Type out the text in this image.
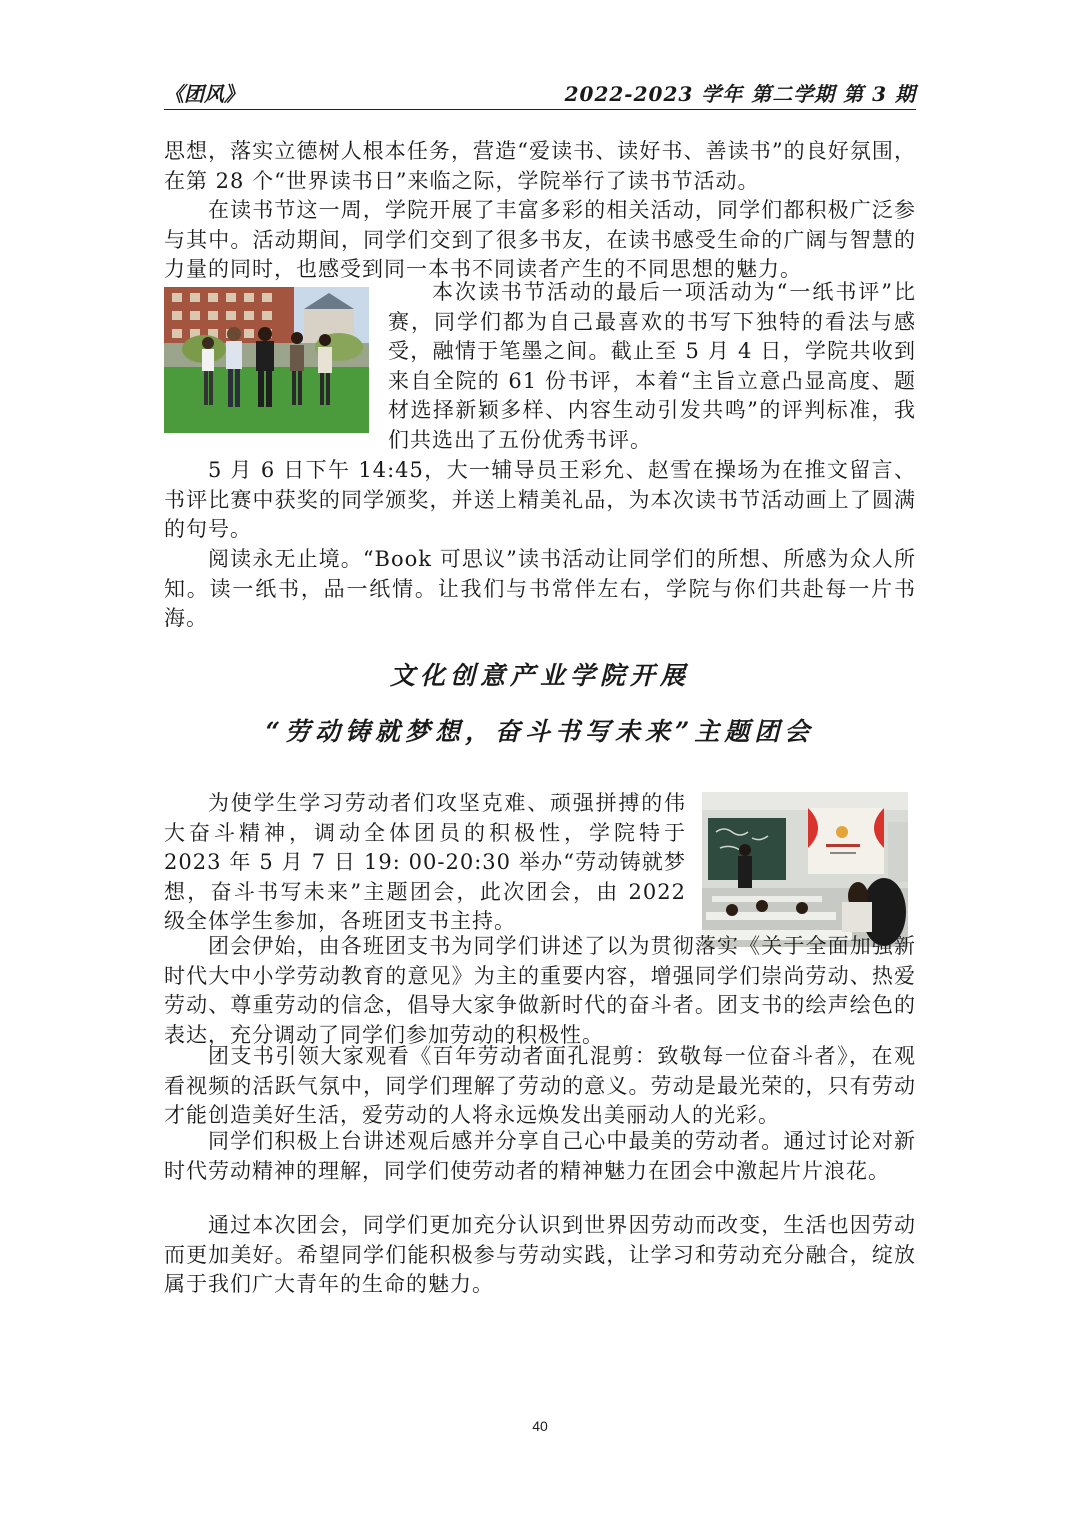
《团风》	2022-2023 学年 第二学期 第 3 期
思想，落实立德树人根本任务，营造“爱读书、读好书、善读书”的良好氛围，在第 28 个“世界读书日”来临之际，学院举行了读书节活动。
在读书节这一周，学院开展了丰富多彩的相关活动，同学们都积极广泛参与其中。活动期间，同学们交到了很多书友，在读书感受生命的广阔与智慧的力量的同时，也感受到同一本书不同读者产生的不同思想的魅力。
本次读书节活动的最后一项活动为“一纸书评”比赛，同学们都为自己最喜欢的书写下独特的看法与感受，融情于笔墨之间。截止至 5 月 4 日，学院共收到来自全院的 61 份书评，本着“主旨立意凸显高度、题材选择新颖多样、内容生动引发共鸣”的评判标准，我们共选出了五份优秀书评。
5 月 6 日下午 14:45，大一辅导员王彩允、赵雪在操场为在推文留言、书评比赛中获奖的同学颁奖，并送上精美礼品，为本次读书节活动画上了圆满的句号。
阅读永无止境。“Book 可思议”读书活动让同学们的所想、所感为众人所知。读一纸书，品一纸情。让我们与书常伴左右，学院与你们共赴每一片书海。
文化创意产业学院开展
“劳动铸就梦想，奋斗书写未来”主题团会
为使学生学习劳动者们攻坚克难、顽强拼搏的伟大奋斗精神，调动全体团员的积极性，学院特于 2023 年 5 月 7 日 19: 00-20:30 举办“劳动铸就梦想，奋斗书写未来”主题团会，此次团会，由 2022 级全体学生参加，各班团支书主持。
团会伊始，由各班团支书为同学们讲述了以为贯彻落实《关于全面加强新时代大中小学劳动教育的意见》为主的重要内容，增强同学们崇尚劳动、热爱劳动、尊重劳动的信念，倡导大家争做新时代的奋斗者。团支书的绘声绘色的表达，充分调动了同学们参加劳动的积极性。
团支书引领大家观看《百年劳动者面孔混剪：致敬每一位奋斗者》，在观看视频的活跃气氛中，同学们理解了劳动的意义。劳动是最光荣的，只有劳动才能创造美好生活，爱劳动的人将永远焕发出美丽动人的光彩。
同学们积极上台讲述观后感并分享自己心中最美的劳动者。通过讨论对新时代劳动精神的理解，同学们使劳动者的精神魅力在团会中激起片片浪花。
通过本次团会，同学们更加充分认识到世界因劳动而改变，生活也因劳动而更加美好。希望同学们能积极参与劳动实践，让学习和劳动充分融合，绽放属于我们广大青年的生命的魅力。
40
